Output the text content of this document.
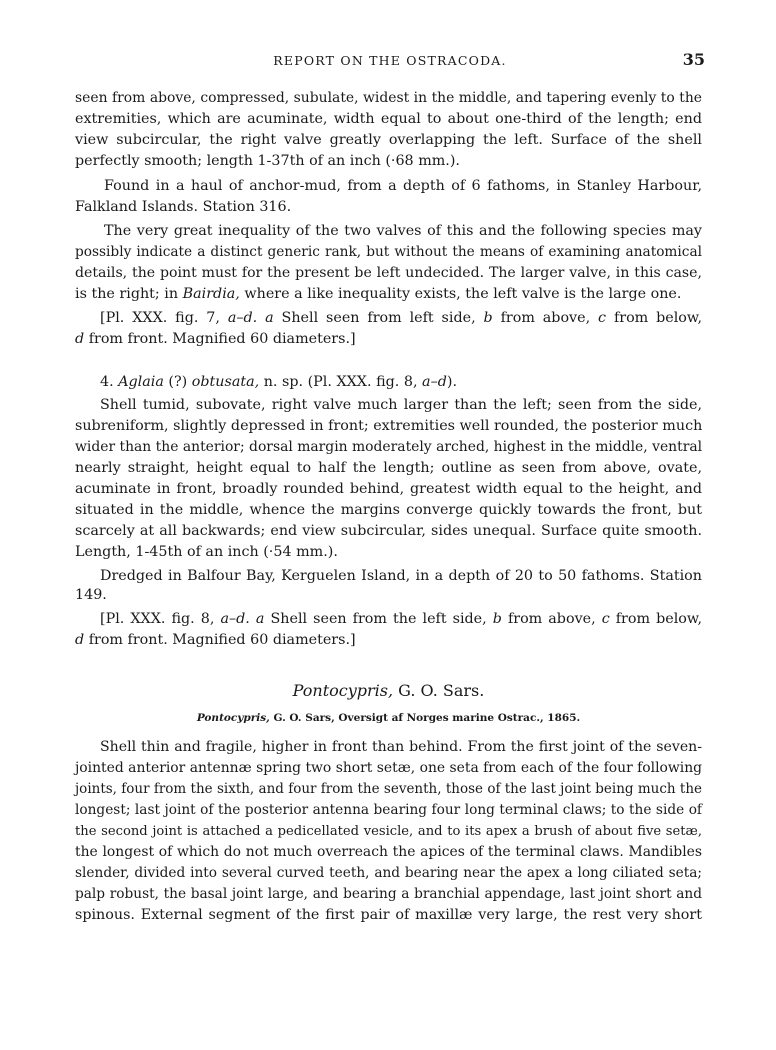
REPORT ON THE OSTRACODA.	35
seen from above, compressed, subulate, widest in the middle, and tapering evenly to the
extremities, which are acuminate, width equal to about one-third of the length; end
view subcircular, the right valve greatly overlapping the left. Surface of the shell
perfectly smooth; length 1-37th of an inch (·68 mm.).
Found in a haul of anchor-mud, from a depth of 6 fathoms, in Stanley Harbour,
Falkland Islands. Station 316.
The very great inequality of the two valves of this and the following species may
possibly indicate a distinct generic rank, but without the means of examining anatomical
details, the point must for the present be left undecided. The larger valve, in this case,
is the right; in Bairdia, where a like inequality exists, the left valve is the large one.
[Pl. XXX. fig. 7, a–d. a Shell seen from left side, b from above, c from below,
d from front. Magnified 60 diameters.]
4. Aglaia (?) obtusata, n. sp. (Pl. XXX. fig. 8, a–d).
Shell tumid, subovate, right valve much larger than the left; seen from the side,
subreniform, slightly depressed in front; extremities well rounded, the posterior much
wider than the anterior; dorsal margin moderately arched, highest in the middle, ventral
nearly straight, height equal to half the length; outline as seen from above, ovate,
acuminate in front, broadly rounded behind, greatest width equal to the height, and
situated in the middle, whence the margins converge quickly towards the front, but
scarcely at all backwards; end view subcircular, sides unequal. Surface quite smooth.
Length, 1-45th of an inch (·54 mm.).
Dredged in Balfour Bay, Kerguelen Island, in a depth of 20 to 50 fathoms. Station
149.
[Pl. XXX. fig. 8, a–d. a Shell seen from the left side, b from above, c from below,
d from front. Magnified 60 diameters.]
Pontocypris, G. O. Sars.
Pontocypris, G. O. Sars, Oversigt af Norges marine Ostrac., 1865.
Shell thin and fragile, higher in front than behind. From the first joint of the seven-
jointed anterior antennæ spring two short setæ, one seta from each of the four following
joints, four from the sixth, and four from the seventh, those of the last joint being much the
longest; last joint of the posterior antenna bearing four long terminal claws; to the side of
the second joint is attached a pedicellated vesicle, and to its apex a brush of about five setæ,
the longest of which do not much overreach the apices of the terminal claws. Mandibles
slender, divided into several curved teeth, and bearing near the apex a long ciliated seta;
palp robust, the basal joint large, and bearing a branchial appendage, last joint short and
spinous. External segment of the first pair of maxillæ very large, the rest very short
